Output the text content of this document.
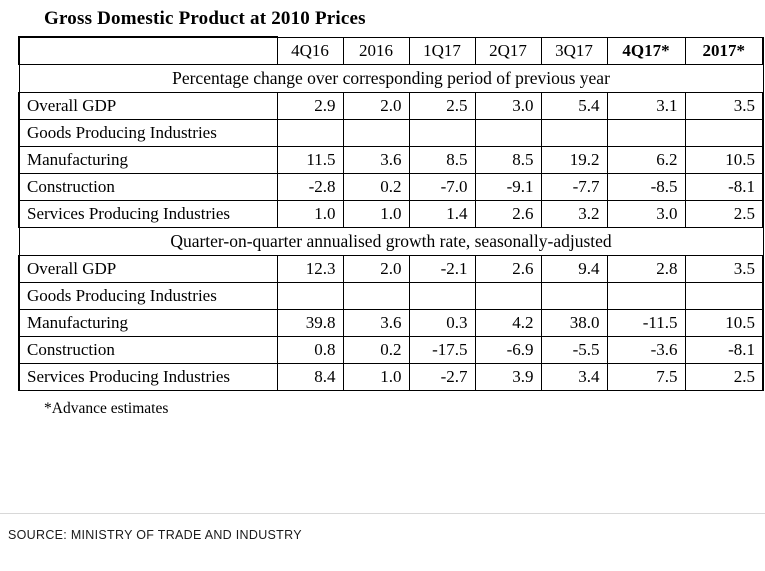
Gross Domestic Product at 2010 Prices
	4Q16	2016	1Q17	2Q17	3Q17	4Q17*	2017*
Percentage change over corresponding period of previous year							
Overall GDP	2.9	2.0	2.5	3.0	5.4	3.1	3.5
Goods Producing Industries							
Manufacturing	11.5	3.6	8.5	8.5	19.2	6.2	10.5
Construction	-2.8	0.2	-7.0	-9.1	-7.7	-8.5	-8.1
Services Producing Industries	1.0	1.0	1.4	2.6	3.2	3.0	2.5
Quarter-on-quarter annualised growth rate, seasonally-adjusted							
Overall GDP	12.3	2.0	-2.1	2.6	9.4	2.8	3.5
Goods Producing Industries							
Manufacturing	39.8	3.6	0.3	4.2	38.0	-11.5	10.5
Construction	0.8	0.2	-17.5	-6.9	-5.5	-3.6	-8.1
Services Producing Industries	8.4	1.0	-2.7	3.9	3.4	7.5	2.5
*Advance estimates
SOURCE: MINISTRY OF TRADE AND INDUSTRY
